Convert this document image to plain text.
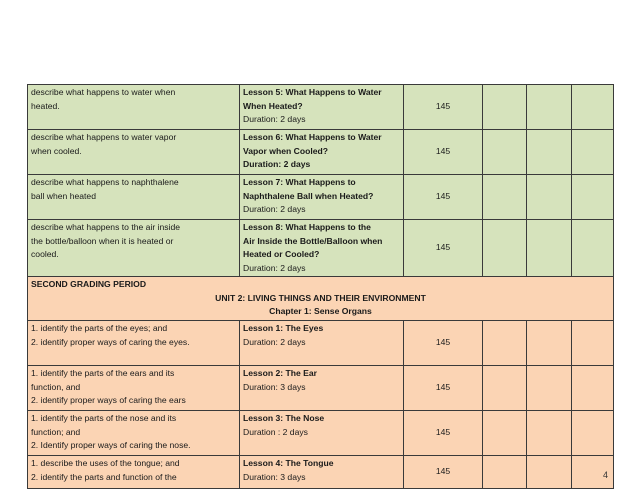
describe what happens to water when
heated.	Lesson 5: What Happens to Water
When Heated?
Duration: 2 days	145			

describe what happens to water vapor
when cooled.	Lesson 6: What Happens to Water
Vapor when Cooled?
Duration: 2 days	145			

describe what happens to naphthalene
ball when heated	Lesson 7: What Happens to
Naphthalene Ball when Heated?
Duration: 2 days	145			

describe what happens to the air inside
the bottle/balloon when it is heated or
cooled.	Lesson 8: What Happens to the
Air Inside the Bottle/Balloon when
Heated or Cooled?
Duration: 2 days	145			

SECOND GRADING PERIOD
UNIT 2: LIVING THINGS AND THEIR ENVIRONMENT
Chapter 1: Sense Organs					

1. identify the parts of the eyes; and
2. identify proper ways of caring the eyes.	Lesson 1: The Eyes
Duration: 2 days	145			

1. identify the parts of the ears and its
function, and
2. identify proper ways of caring the ears	Lesson 2: The Ear
Duration: 3 days	145			

1. identify the parts of the nose and its
function; and
2. Identify proper ways of caring the nose.	Lesson 3: The Nose
Duration : 2 days	145			

1. describe the uses of the tongue; and
2. identify the parts and function of the	Lesson 4: The Tongue
Duration: 3 days	145				4
